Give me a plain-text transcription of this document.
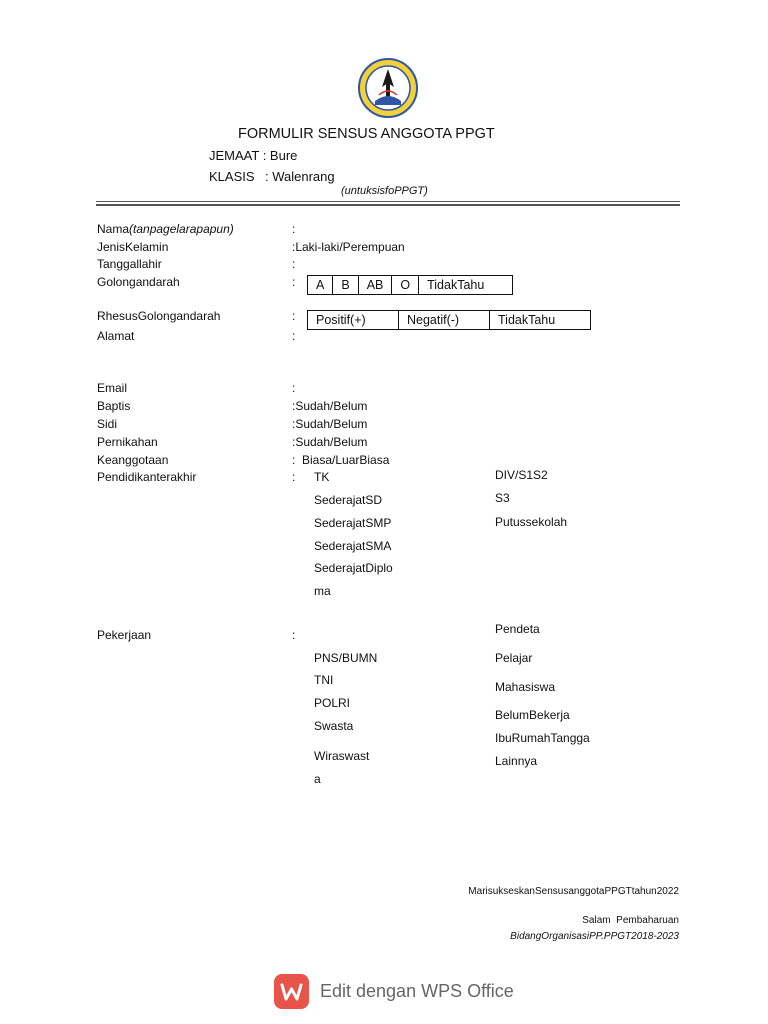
FORMULIR SENSUS ANGGOTA PPGT
JEMAAT : Bure
KLASIS : Walenrang
(untuksisfoPPGT)
Nama(tanpagelarapapun)	:
JenisKelamin	:Laki-laki/Perempuan
Tanggallahir	:
Golongandarah	:	A	B	AB	O	TidakTahu
RhesusGolongandarah	:	Positif(+)	Negatif(-)	TidakTahu
Alamat	:
Email	:
Baptis	:Sudah/Belum
Sidi	:Sudah/Belum
Pernikahan	:Sudah/Belum
Keanggotaan	:  Biasa/LuarBiasa
Pendidikanterakhir	: TK
SederajatSD
SederajatSMP
SederajatSMA
SederajatDiplo
ma
DIV/S1S2
S3
Putussekolah
Pekerjaan	:
PNS/BUMN
TNI
POLRI
Swasta
Wiraswast
a
Pendeta
Pelajar
Mahasiswa
BelumBekerja
IbuRumahTangga
Lainnya
MarisukseskanSensusanggotaPPGTtahun2022
Salam  Pembaharuan
BidangOrganisasiPP.PPGT2018-2023
Edit dengan WPS Office
